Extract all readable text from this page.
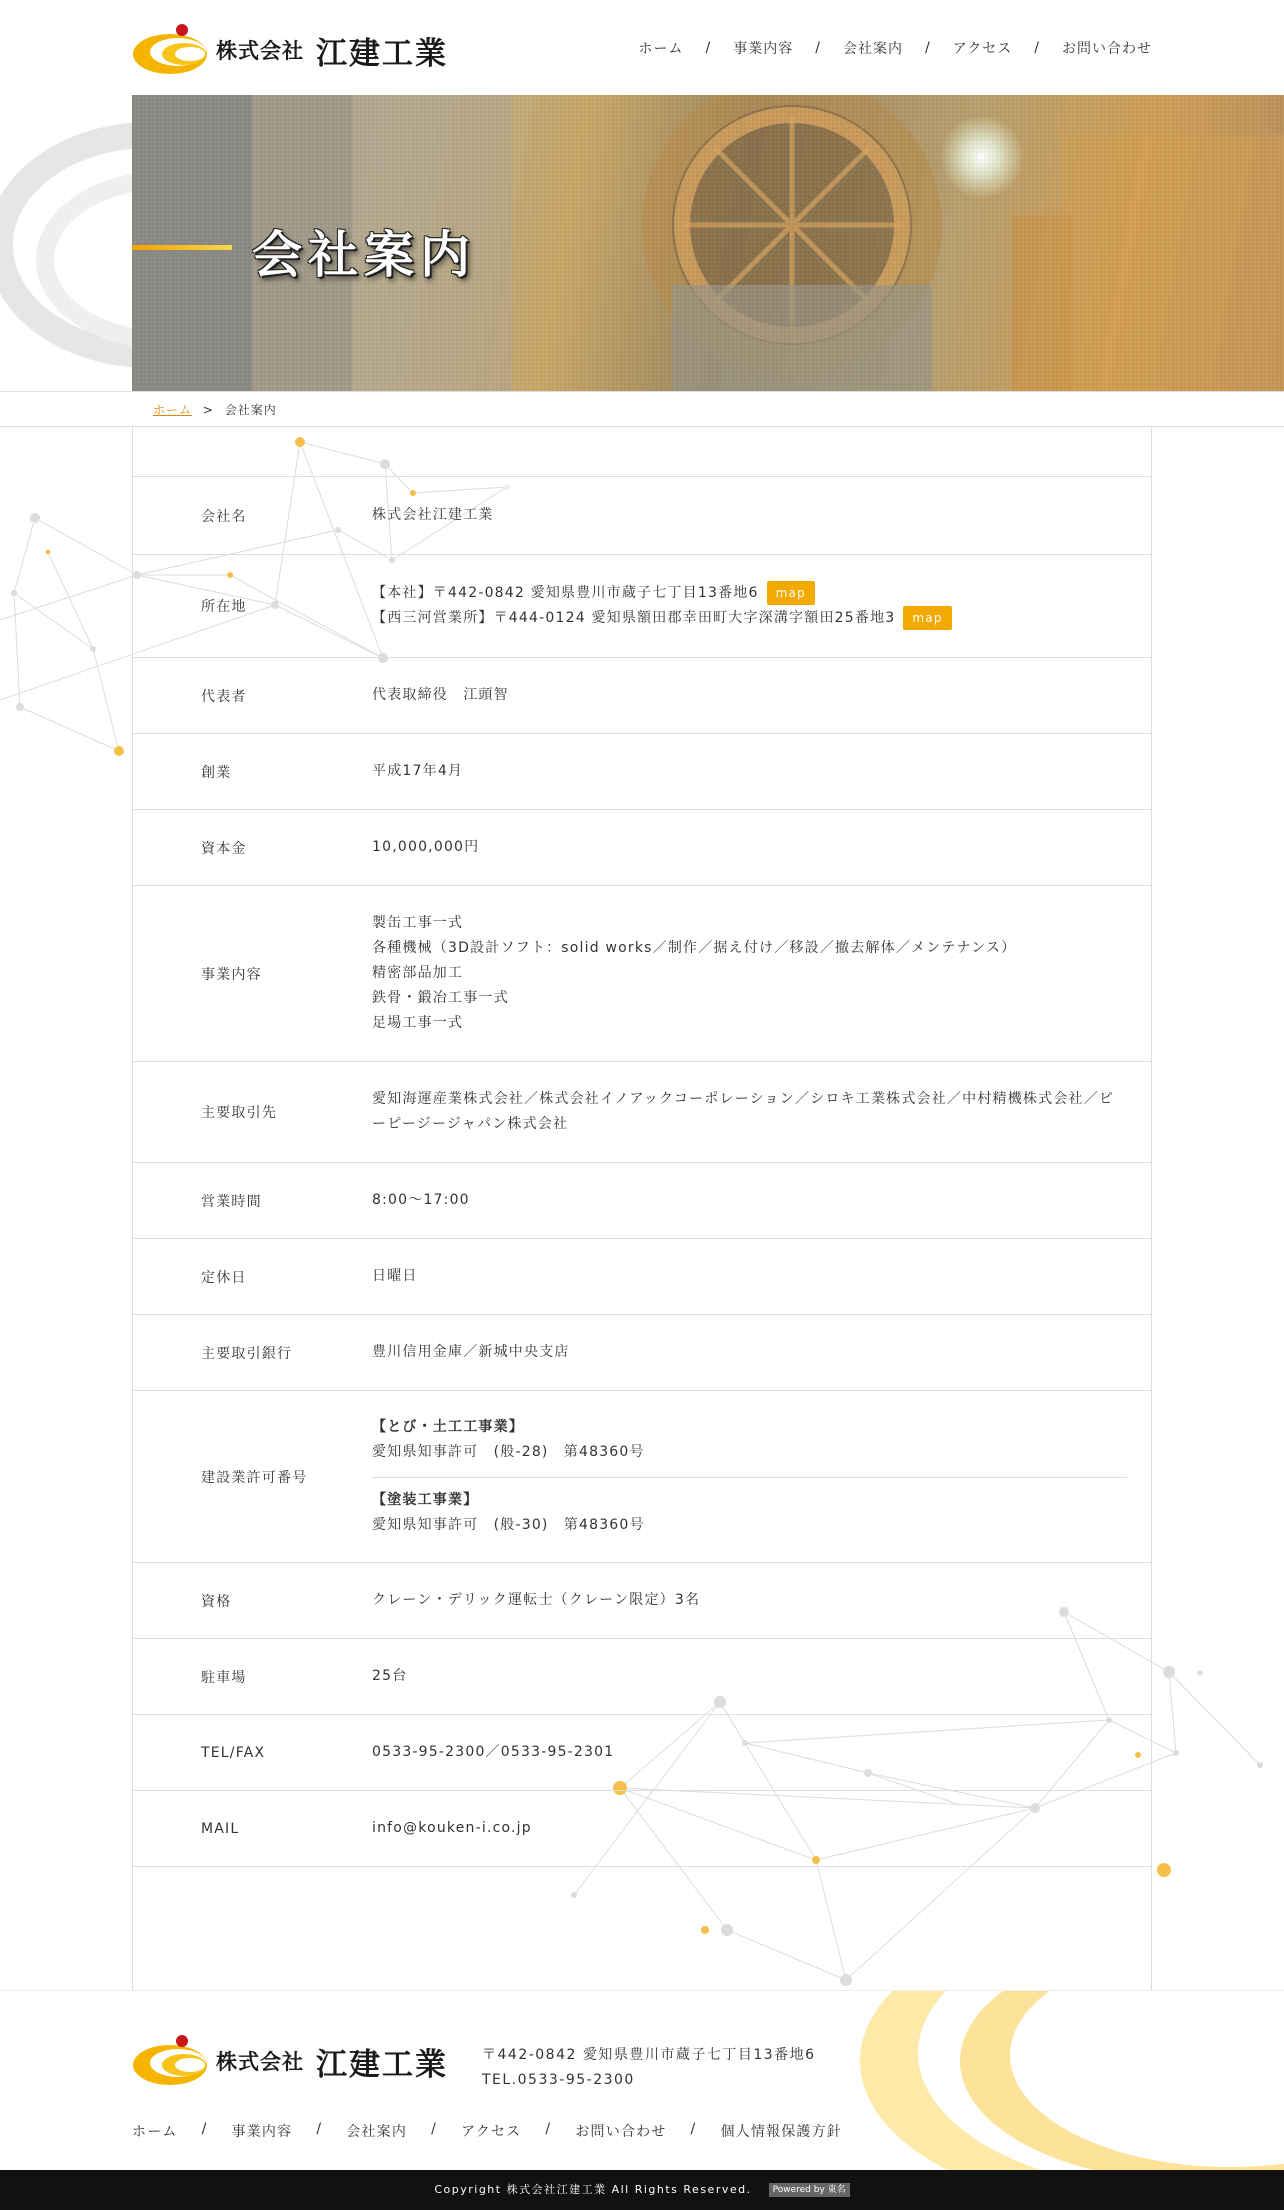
株式会社 江建工業	ホーム / 事業内容 / 会社案内 / アクセス / お問い合わせ
会社案内
ホーム > 会社案内
会社名	株式会社江建工業
所在地	【本社】〒442-0842 愛知県豊川市蔵子七丁目13番地6 map
【西三河営業所】〒444-0124 愛知県額田郡幸田町大字深溝字額田25番地3 map

代表者	代表取締役　江頭智
創業	平成17年4月
資本金	10,000,000円
事業内容	製缶工事一式
各種機械（3D設計ソフト：solid works／制作／据え付け／移設／撤去解体／メンテナンス）
精密部品加工
鉄骨・鍛冶工事一式
足場工事一式

主要取引先	愛知海運産業株式会社／株式会社イノアックコーポレーション／シロキ工業株式会社／中村精機株式会社／ピーピージージャパン株式会社
営業時間	8:00～17:00
定休日	日曜日
主要取引銀行	豊川信用金庫／新城中央支店
建設業許可番号	【とび・土工工事業】
愛知県知事許可　(般-28)　第48360号
【塗装工事業】
愛知県知事許可　(般-30)　第48360号

資格	クレーン・デリック運転士（クレーン限定）3名
駐車場	25台
TEL/FAX	0533-95-2300／0533-95-2301
MAIL	info@kouken-i.co.jp
株式会社 江建工業 〒442-0842 愛知県豊川市蔵子七丁目13番地6
TEL.0533-95-2300
ホーム / 事業内容 / 会社案内 / アクセス / お問い合わせ / 個人情報保護方針
Copyright 株式会社江建工業 All Rights Reserved. Powered by 東名
